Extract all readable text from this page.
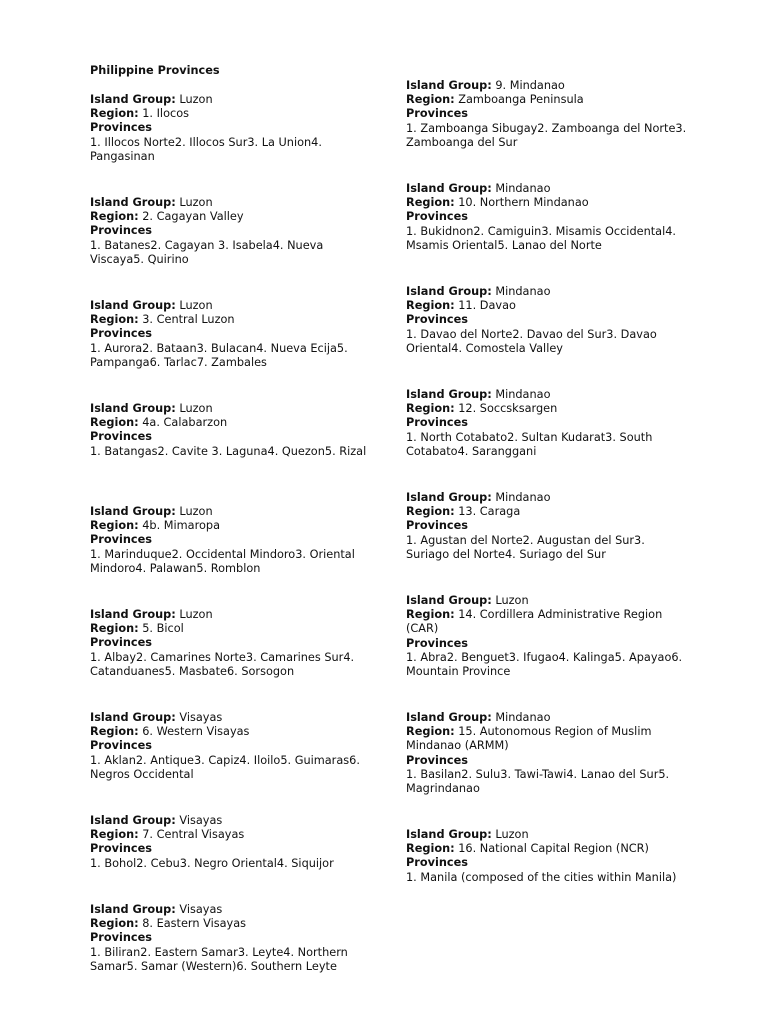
Philippine Provinces
Island Group: Luzon
Region: 1. Ilocos
Provinces
1. Illocos Norte2. Illocos Sur3. La Union4. Pangasinan
Island Group: Luzon
Region: 2. Cagayan Valley
Provinces
1. Batanes2. Cagayan 3. Isabela4. Nueva Viscaya5. Quirino
Island Group: Luzon
Region: 3. Central Luzon
Provinces
1. Aurora2. Bataan3. Bulacan4. Nueva Ecija5. Pampanga6. Tarlac7. Zambales
Island Group: Luzon
Region: 4a. Calabarzon
Provinces
1. Batangas2. Cavite 3. Laguna4. Quezon5. Rizal
Island Group: Luzon
Region: 4b. Mimaropa
Provinces
1. Marinduque2. Occidental Mindoro3. Oriental Mindoro4. Palawan5. Romblon
Island Group: Luzon
Region: 5. Bicol
Provinces
1. Albay2. Camarines Norte3. Camarines Sur4. Catanduanes5. Masbate6. Sorsogon
Island Group: Visayas
Region: 6. Western Visayas
Provinces
1. Aklan2. Antique3. Capiz4. Iloilo5. Guimaras6. Negros Occidental
Island Group: Visayas
Region: 7. Central Visayas
Provinces
1. Bohol2. Cebu3. Negro Oriental4. Siquijor
Island Group: Visayas
Region: 8. Eastern Visayas
Provinces
1. Biliran2. Eastern Samar3. Leyte4. Northern Samar5. Samar (Western)6. Southern Leyte
Island Group: 9. Mindanao
Region: Zamboanga Peninsula
Provinces
1. Zamboanga Sibugay2. Zamboanga del Norte3. Zamboanga del Sur
Island Group: Mindanao
Region: 10. Northern Mindanao
Provinces
1. Bukidnon2. Camiguin3. Misamis Occidental4. Msamis Oriental5. Lanao del Norte
Island Group: Mindanao
Region: 11. Davao
Provinces
1. Davao del Norte2. Davao del Sur3. Davao Oriental4. Comostela Valley
Island Group: Mindanao
Region: 12. Soccsksargen
Provinces
1. North Cotabato2. Sultan Kudarat3. South Cotabato4. Saranggani
Island Group: Mindanao
Region: 13. Caraga
Provinces
1. Agustan del Norte2. Augustan del Sur3. Suriago del Norte4. Suriago del Sur
Island Group: Luzon
Region: 14. Cordillera Administrative Region (CAR)
Provinces
1. Abra2. Benguet3. Ifugao4. Kalinga5. Apayao6. Mountain Province
Island Group: Mindanao
Region: 15. Autonomous Region of Muslim Mindanao (ARMM)
Provinces
1. Basilan2. Sulu3. Tawi-Tawi4. Lanao del Sur5. Magrindanao
Island Group: Luzon
Region: 16. National Capital Region (NCR)
Provinces
1. Manila (composed of the cities within Manila)
